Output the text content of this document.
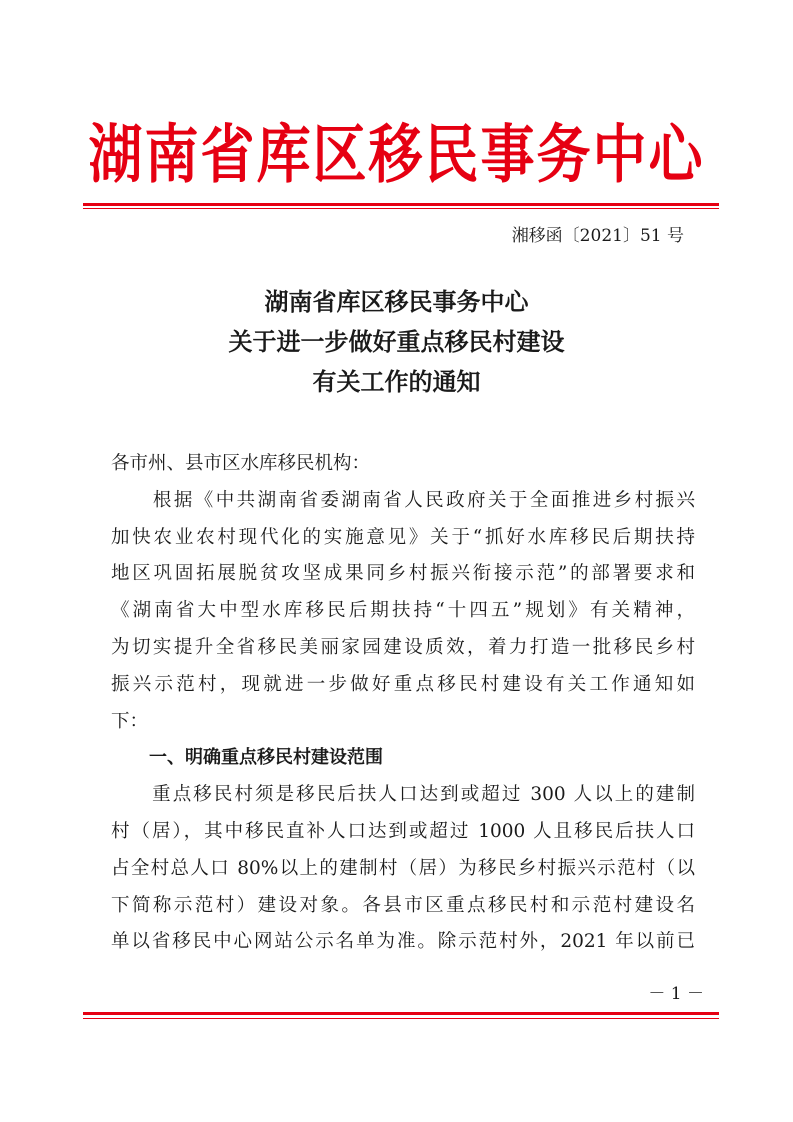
湖南省库区移民事务中心
湘移函〔2021〕51 号
湖南省库区移民事务中心
关于进一步做好重点移民村建设
有关工作的通知
各市州、县市区水库移民机构：
　　根据《中共湖南省委湖南省人民政府关于全面推进乡村振兴
加快农业农村现代化的实施意见》关于“抓好水库移民后期扶持
地区巩固拓展脱贫攻坚成果同乡村振兴衔接示范”的部署要求和
《湖南省大中型水库移民后期扶持“十四五”规划》有关精神，
为切实提升全省移民美丽家园建设质效，着力打造一批移民乡村
振兴示范村，现就进一步做好重点移民村建设有关工作通知如
下：
一、明确重点移民村建设范围
　　重点移民村须是移民后扶人口达到或超过 300 人以上的建制
村（居），其中移民直补人口达到或超过 1000 人且移民后扶人口
占全村总人口 80%以上的建制村（居）为移民乡村振兴示范村（以
下简称示范村）建设对象。各县市区重点移民村和示范村建设名
单以省移民中心网站公示名单为准。除示范村外，2021 年以前已
－ 1 －
